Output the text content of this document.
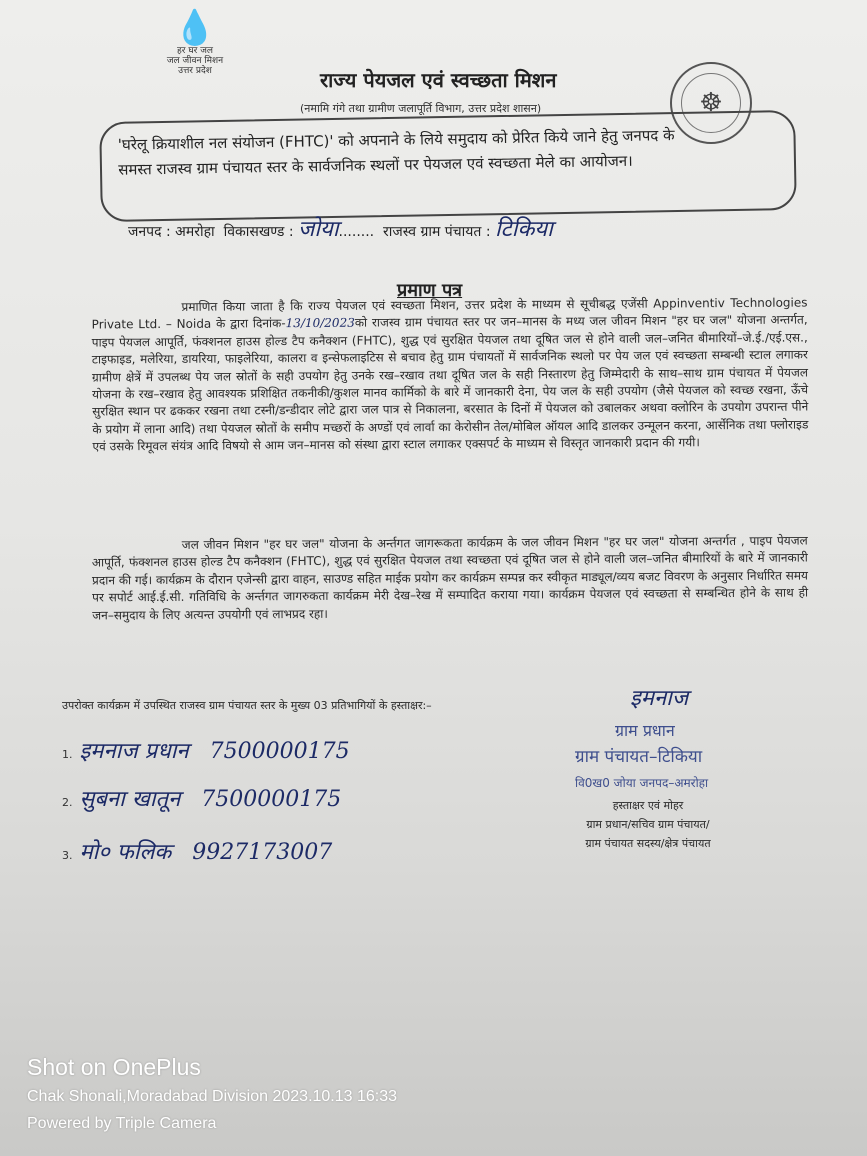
💧
हर घर जल
जल जीवन मिशन
उत्तर प्रदेश	राज्य पेयजल एवं स्वच्छता मिशन
(नमामि गंगे तथा ग्रामीण जलापूर्ति विभाग, उत्तर प्रदेश शासन)	☸
'घरेलू क्रियाशील नल संयोजन (FHTC)' को अपनाने के लिये समुदाय को प्रेरित किये जाने हेतु जनपद के
समस्त राजस्व ग्राम पंचायत स्तर के सार्वजनिक स्थलों पर पेयजल एवं स्वच्छता मेले का आयोजन।
जनपद : अमरोहा विकासखण्ड : जोया........ राजस्व ग्राम पंचायत : टिकिया
प्रमाण पत्र
प्रमाणित किया जाता है कि राज्य पेयजल एवं स्वच्छता मिशन, उत्तर प्रदेश के माध्यम से सूचीबद्ध एजेंसी Appinventiv Technologies Private Ltd. – Noida के द्वारा दिनांक-13/10/2023को राजस्व ग्राम पंचायत स्तर पर जन–मानस के मध्य जल जीवन मिशन "हर घर जल" योजना अन्तर्गत, पाइप पेयजल आपूर्ति, फंक्शनल हाउस होल्ड टैप कनैक्शन (FHTC), शुद्ध एवं सुरक्षित पेयजल तथा दूषित जल से होने वाली जल–जनित बीमारियों–जे.ई./एई.एस., टाइफाइड, मलेरिया, डायरिया, फाइलेरिया, कालरा व इन्सेफलाइटिस से बचाव हेतु ग्राम पंचायतों में सार्वजनिक स्थलो पर पेय जल एवं स्वच्छता सम्बन्धी स्टाल लगाकर ग्रामीण क्षेत्रें में उपलब्ध पेय जल स्रोतों के सही उपयोग हेतु उनके रख–रखाव तथा दूषित जल के सही निस्तारण हेतु जिम्मेदारी के साथ–साथ ग्राम पंचायत में पेयजल योजना के रख–रखाव हेतु आवश्यक प्रशिक्षित तकनीकी/कुशल मानव कार्मिको के बारे में जानकारी देना, पेय जल के सही उपयोग (जैसे पेयजल को स्वच्छ रखना, ऊँचे सुरक्षित स्थान पर ढककर रखना तथा टस्नी/डन्डीदार लोटे द्वारा जल पात्र से निकालना, बरसात के दिनों में पेयजल को उबालकर अथवा क्लोरिन के उपयोग उपरान्त पीने के प्रयोग में लाना आदि) तथा पेयजल स्रोतों के समीप मच्छरों के अण्डों एवं लार्वा का केरोसीन तेल/मोबिल ऑयल आदि डालकर उन्मूलन करना, आर्सेनिक तथा फ्लोराइड एवं उसके रिमूवल संयंत्र आदि विषयो से आम जन–मानस को संस्था द्वारा स्टाल लगाकर एक्सपर्ट के माध्यम से विस्तृत जानकारी प्रदान की गयी।
जल जीवन मिशन "हर घर जल" योजना के अर्न्तगत जागरूकता कार्यक्रम के जल जीवन मिशन "हर घर जल" योजना अन्तर्गत , पाइप पेयजल आपूर्ति, फंक्शनल हाउस होल्ड टैप कनैक्शन (FHTC), शुद्ध एवं सुरक्षित पेयजल तथा स्वच्छता एवं दूषित जल से होने वाली जल–जनित बीमारियों के बारे में जानकारी प्रदान की गई। कार्यक्रम के दौरान एजेन्सी द्वारा वाहन, साउण्ड सहित माईक प्रयोग कर कार्यक्रम सम्पन्न कर स्वीकृत माड्यूल/व्यय बजट विवरण के अनुसार निर्धारित समय पर सपोर्ट आई.ई.सी. गतिविधि के अर्न्तगत जागरुकता कार्यक्रम मेरी देख–रेख में सम्पादित कराया गया। कार्यक्रम पेयजल एवं स्वच्छता से सम्बन्धित होने के साथ ही जन–समुदाय के लिए अत्यन्त उपयोगी एवं लाभप्रद रहा।
उपरोक्त कार्यक्रम में उपस्थित राजस्व ग्राम पंचायत स्तर के मुख्य 03 प्रतिभागियों के हस्ताक्षर:–
1. इमनाज प्रधान 7500000175
2. सुबना खातून 7500000175
3. मो० फलिक 9927173007
इमनाज
ग्राम प्रधान
ग्राम पंचायत–टिकिया
वि0ख0 जोया जनपद–अमरोहा
हस्ताक्षर एवं मोहर
ग्राम प्रधान/सचिव ग्राम पंचायत/
ग्राम पंचायत सदस्य/क्षेत्र पंचायत
Shot on OnePlus
Chak Shonali,Moradabad Division 2023.10.13 16:33
Powered by Triple Camera
